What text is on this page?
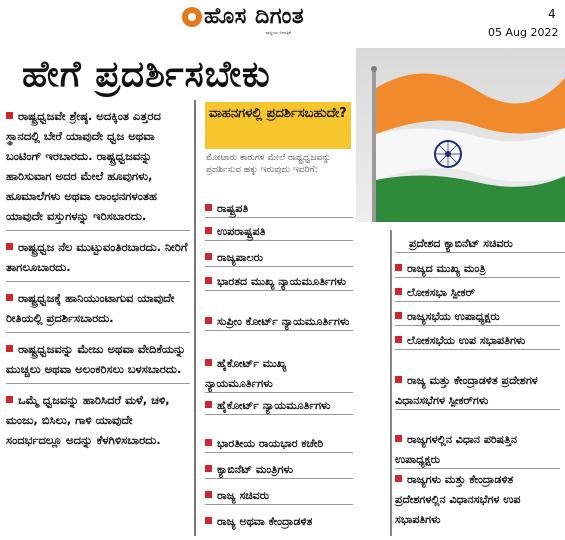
ಹೊಸ ದಿಗಂತ
ರಾಷ್ಟ್ರೀಯ ದಿನಪತ್ರಿಕೆ
4
05 Aug 2022
ಹೇಗೆ ಪ್ರದರ್ಶಿಸಬೇಕು
ರಾಷ್ಟ್ರಧ್ವಜವೇ ಶ್ರೇಷ್ಠ. ಅದಕ್ಕಿಂತ ಎತ್ತರದ ಸ್ಥಾನದಲ್ಲಿ ಬೇರೆ ಯಾವುದೇ ಧ್ವಜ ಅಥವಾ ಬಂಟಿಂಗ್ ಇರಬಾರದು. ರಾಷ್ಟ್ರಧ್ವಜವನ್ನು ಹಾರಿಸುವಾಗ ಅದರ ಮೇಲೆ ಹೂವುಗಳು, ಹೂಮಾಲೆಗಳು ಅಥವಾ ಲಾಂಛನಗಳಂತಹ ಯಾವುದೇ ವಸ್ತುಗಳನ್ನು ಇರಿಸಬಾರದು.
ರಾಷ್ಟ್ರಧ್ವಜ ನೆಲ ಮುಟ್ಟುವಂತಿರಬಾರದು. ನೀರಿಗೆ ತಾಗಲೂಬಾರದು.
ರಾಷ್ಟ್ರಧ್ವಜಕ್ಕೆ ಹಾನಿಯುಂಟಾಗುವ ಯಾವುದೇ ರೀತಿಯಲ್ಲಿ ಪ್ರದರ್ಶಿಸಬಾರದು.
ರಾಷ್ಟ್ರಧ್ವಜವನ್ನು ಮೇಜು ಅಥವಾ ವೇದಿಕೆಯನ್ನು ಮುಚ್ಚಲು ಅಥವಾ ಅಲಂಕರಿಸಲು ಬಳಸಬಾರದು.
ಒಮ್ಮೆ ಧ್ವಜವನ್ನು ಹಾರಿಸಿದರೆ ಮಳೆ, ಚಳಿ, ಮಂಜು, ಬಿಸಿಲು, ಗಾಳಿ ಯಾವುದೇ ಸಂದರ್ಭದಲ್ಲೂ ಅದನ್ನು ಕೆಳಗಿಳಿಸಬಾರದು.
ವಾಹನಗಳಲ್ಲಿ ಪ್ರದರ್ಶಿಸಬಹುದೇ?
ಮೋಟಾರು ಕಾರುಗಳ ಮೇಲೆ ರಾಷ್ಟ್ರಧ್ವಜವನ್ನು ಪ್ರದರ್ಶಿಸುವ ಹಕ್ಕು ಇರುವುದು ಇವರಿಗೆ:
ರಾಷ್ಟ್ರಪತಿ
ಉಪರಾಷ್ಟ್ರಪತಿ
ರಾಜ್ಯಪಾಲರು
ಭಾರತದ ಮುಖ್ಯ ನ್ಯಾಯಮೂರ್ತಿಗಳು
ಸುಪ್ರೀಂ ಕೋರ್ಟ್ ನ್ಯಾಯಮೂರ್ತಿಗಳು
ಹೈಕೋರ್ಟ್ ಮುಖ್ಯ ನ್ಯಾಯಮೂರ್ತಿಗಳು
ಹೈಕೋರ್ಟ್ ನ್ಯಾಯಮೂರ್ತಿಗಳು
ಭಾರತೀಯ ರಾಯಭಾರ ಕಚೇರಿ
ಕ್ಯಾಬಿನೆಟ್ ಮಂತ್ರಿಗಳು
ರಾಜ್ಯ ಸಚಿವರು
ರಾಜ್ಯ ಅಥವಾ ಕೇಂದ್ರಾಡಳಿತ
ಪ್ರದೇಶದ ಕ್ಯಾಬಿನೆಟ್ ಸಚಿವರು
ರಾಜ್ಯದ ಮುಖ್ಯ ಮಂತ್ರಿ
ಲೋಕಸಭಾ ಸ್ಪೀಕರ್
ರಾಜ್ಯಸಭೆಯ ಉಪಾಧ್ಯಕ್ಷರು
ಲೋಕಸಭೆಯ ಉಪ ಸಭಾಪತಿಗಳು
ರಾಜ್ಯ ಮತ್ತು ಕೇಂದ್ರಾಡಳಿತ ಪ್ರದೇಶಗಳ ವಿಧಾನಸಭೆಗಳ ಸ್ಪೀಕರ್‌ಗಳು
ರಾಜ್ಯಗಳಲ್ಲಿನ ವಿಧಾನ ಪರಿಷತ್ತಿನ ಉಪಾಧ್ಯಕ್ಷರು
ರಾಜ್ಯಗಳು ಮತ್ತು ಕೇಂದ್ರಾಡಳಿತ ಪ್ರದೇಶಗಳಲ್ಲಿನ ವಿಧಾನಸಭೆಗಳ ಉಪ ಸಭಾಪತಿಗಳು
